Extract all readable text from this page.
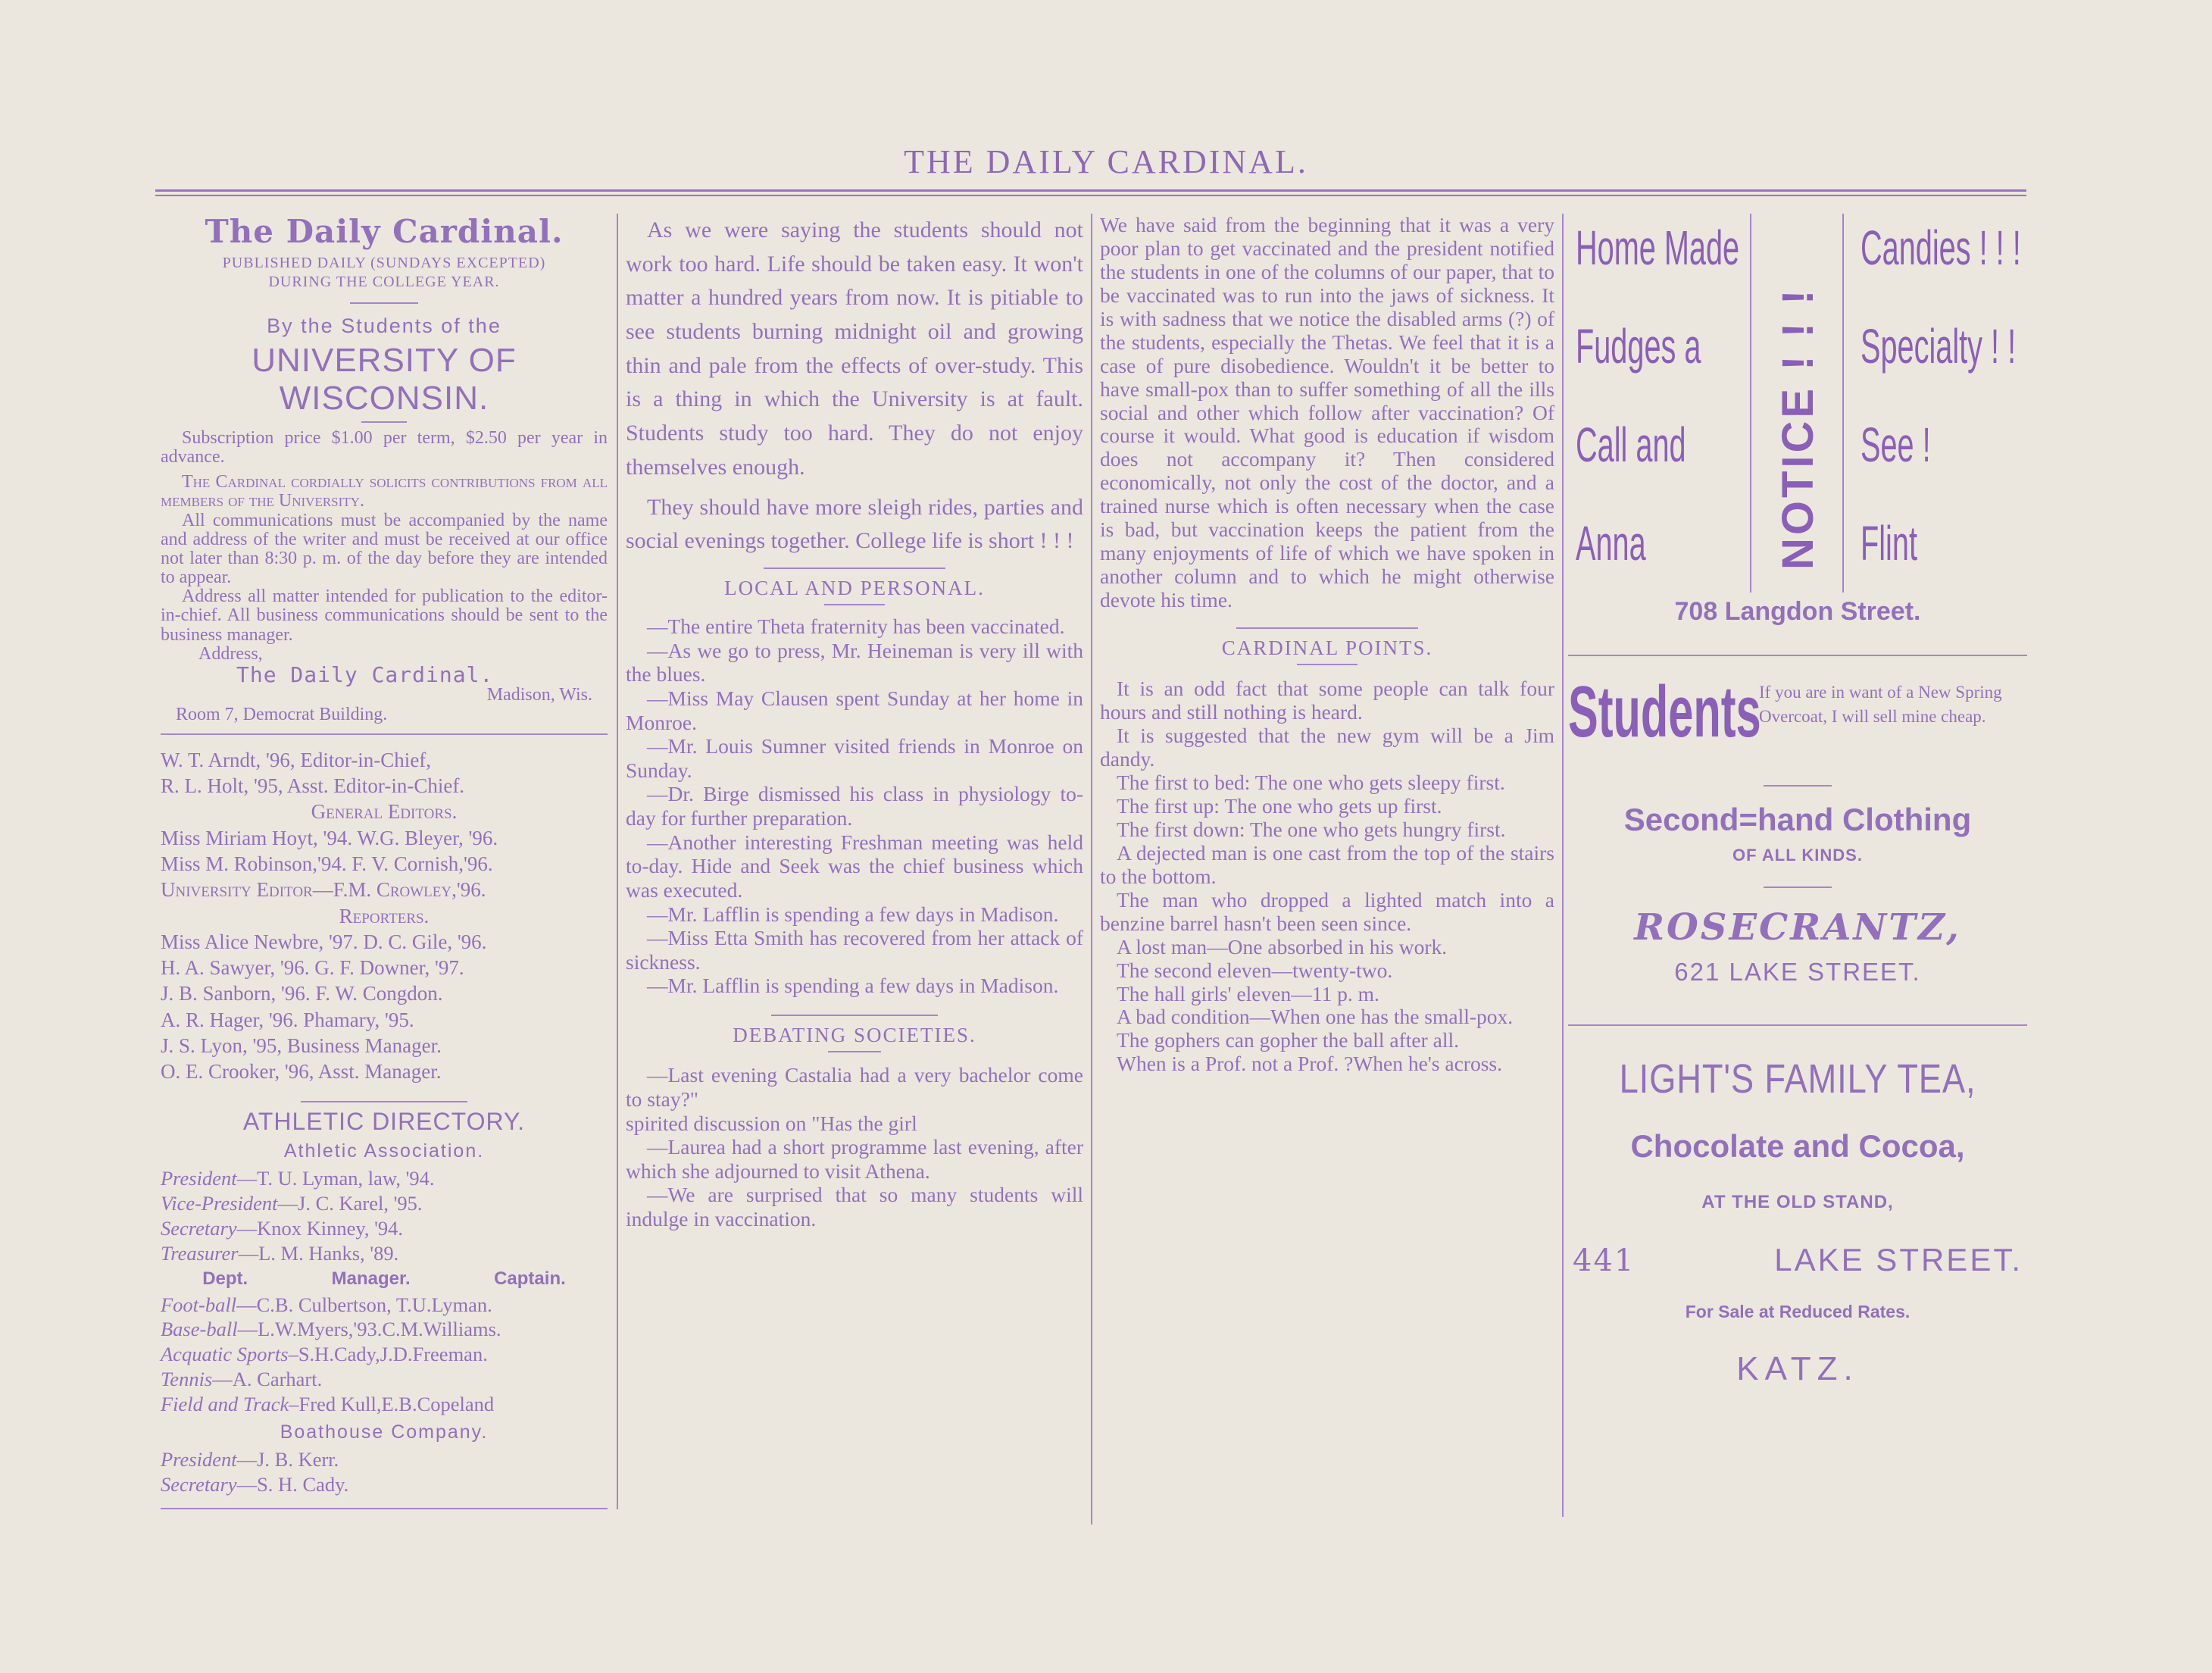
THE DAILY CARDINAL.
The Daily Cardinal.
PUBLISHED DAILY (SUNDAYS EXCEPTED)
DURING THE COLLEGE YEAR.
By the Students of the
UNIVERSITY OF WISCONSIN.

Subscription price $1.00 per term, $2.50 per year in advance.

The Cardinal cordially solicits contributions from all members of the University.

All communications must be accompanied by the name and address of the writer and must be received at our office not later than 8:30 p. m. of the day before they are intended to appear.

Address all matter intended for publication to the editor-in-chief. All business communications should be sent to the business manager.

Address,

The Daily Cardinal.

Madison, Wis.

Room 7, Democrat Building.

W. T. Arndt, '96, Editor-in-Chief,

R. L. Holt, '95, Asst. Editor-in-Chief.

General Editors.

Miss Miriam Hoyt, '94. W.G. Bleyer, '96.

Miss M. Robinson,'94. F. V. Cornish,'96.

University Editor—F.M. Crowley,'96.

Reporters.

Miss Alice Newbre, '97. D. C. Gile, '96.

H. A. Sawyer, '96. G. F. Downer, '97.

J. B. Sanborn, '96. F. W. Congdon.

A. R. Hager, '96. Phamary, '95.

J. S. Lyon, '95, Business Manager.

O. E. Crooker, '96, Asst. Manager.

ATHLETIC DIRECTORY.
Athletic Association.

President—T. U. Lyman, law, '94.

Vice-President—J. C. Karel, '95.

Secretary—Knox Kinney, '94.

Treasurer—L. M. Hanks, '89.

Dept.	Manager.	Captain.

Foot-ball—C.B. Culbertson, T.U.Lyman.

Base-ball—L.W.Myers,'93.C.M.Williams.

Acquatic Sports–S.H.Cady,J.D.Freeman.

Tennis—A. Carhart.

Field and Track–Fred Kull,E.B.Copeland

Boathouse Company.

President—J. B. Kerr.

Secretary—S. H. Cady.

As we were saying the students should not work too hard. Life should be taken easy. It won't matter a hundred years from now. It is pitiable to see students burning midnight oil and growing thin and pale from the effects of over-study. This is a thing in which the University is at fault. Students study too hard. They do not enjoy themselves enough.

They should have more sleigh rides, parties and social evenings together. College life is short ! ! !

LOCAL AND PERSONAL.

—The entire Theta fraternity has been vaccinated.

—As we go to press, Mr. Heineman is very ill with the blues.

—Miss May Clausen spent Sunday at her home in Monroe.

—Mr. Louis Sumner visited friends in Monroe on Sunday.

—Dr. Birge dismissed his class in physiology to-day for further preparation.

—Another interesting Freshman meeting was held to-day. Hide and Seek was the chief business which was executed.

—Mr. Lafflin is spending a few days in Madison.

—Miss Etta Smith has recovered from her attack of sickness.

—Mr. Lafflin is spending a few days in Madison.

DEBATING SOCIETIES.

—Last evening Castalia had a very bachelor come to stay?"

spirited discussion on "Has the girl

—Laurea had a short programme last evening, after which she adjourned to visit Athena.

—We are surprised that so many students will indulge in vaccination.

We have said from the beginning that it was a very poor plan to get vaccinated and the president notified the students in one of the columns of our paper, that to be vaccinated was to run into the jaws of sickness. It is with sadness that we notice the disabled arms (?) of the students, especially the Thetas. We feel that it is a case of pure disobedience. Wouldn't it be better to have small-pox than to suffer something of all the ills social and other which follow after vaccination? Of course it would. What good is education if wisdom does not accompany it? Then considered economically, not only the cost of the doctor, and a trained nurse which is often necessary when the case is bad, but vaccination keeps the patient from the many enjoyments of life of which we have spoken in another column and to which he might otherwise devote his time.

CARDINAL POINTS.

It is an odd fact that some people can talk four hours and still nothing is heard.

It is suggested that the new gym will be a Jim dandy.

The first to bed: The one who gets sleepy first.

The first up: The one who gets up first.

The first down: The one who gets hungry first.

A dejected man is one cast from the top of the stairs to the bottom.

The man who dropped a lighted match into a benzine barrel hasn't been seen since.

A lost man—One absorbed in his work.

The second eleven—twenty-two.

The hall girls' eleven—11 p. m.

A bad condition—When one has the small-pox.

The gophers can gopher the ball after all.

When is a Prof. not a Prof. ?When he's across.

Home Made
Fudges a
Call and
Anna	NOTICE ! ! !
Candies ! ! !
Specialty ! !
See !
Flint
708 Langdon Street.
Students
If you are in want of a New Spring Overcoat, I will sell mine cheap.
Second=hand Clothing
OF ALL KINDS.
ROSECRANTZ,
621 LAKE STREET.
LIGHT'S FAMILY TEA,
Chocolate and Cocoa,
AT THE OLD STAND,
441	LAKE STREET.
For Sale at Reduced Rates.
KATZ.
